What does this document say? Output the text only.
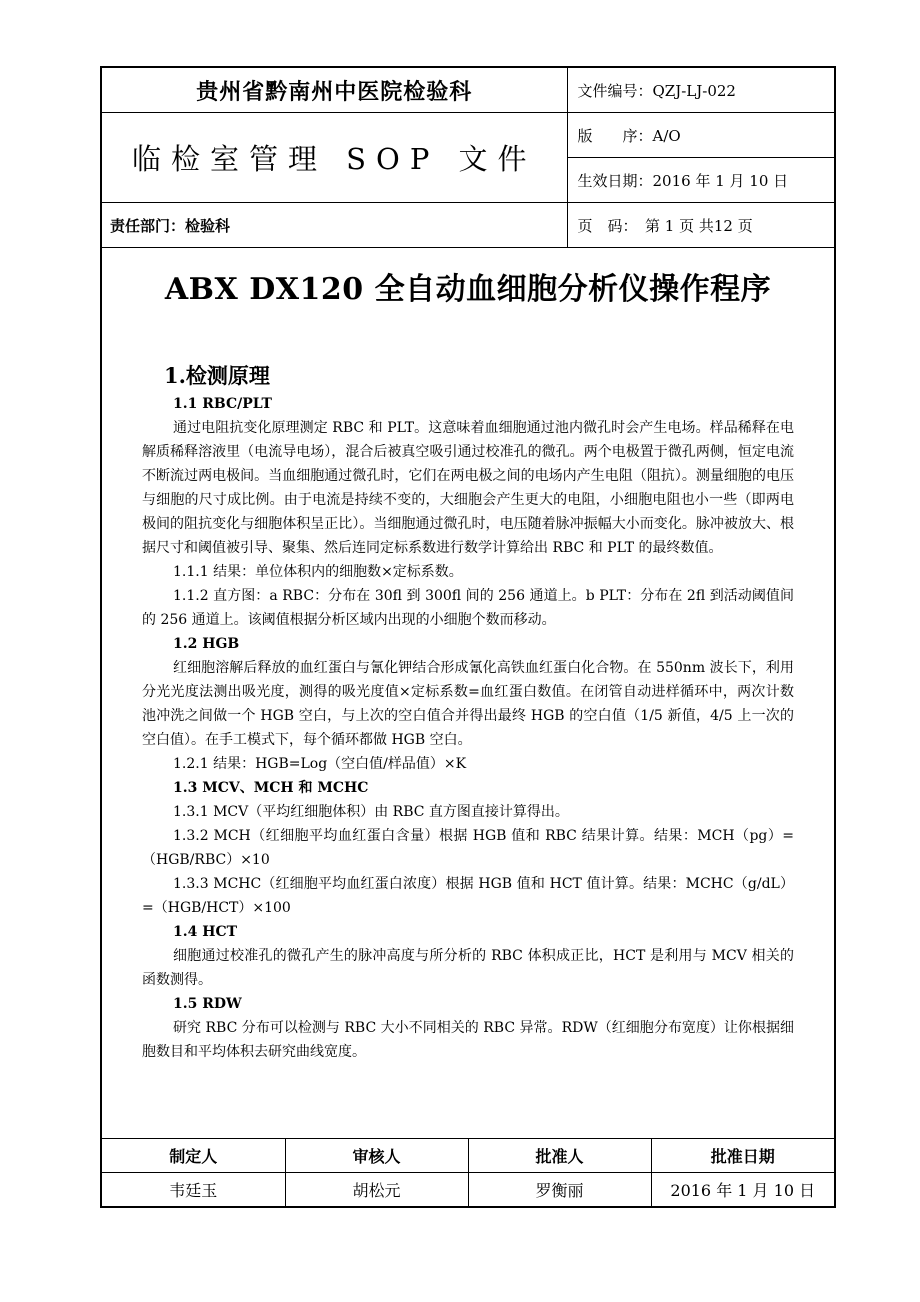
贵州省黔南州中医院检验科	文件编号：QZJ-LJ-022
临检室管理 SOP 文件	版　　序：A/O
	生效日期：2016 年 1 月 10 日
责任部门：检验科	页　码：　第 1 页 共12 页
ABX DX120 全自动血细胞分析仪操作程序
1.检测原理

1.1 RBC/PLT

通过电阻抗变化原理测定 RBC 和 PLT。这意味着血细胞通过池内微孔时会产生电场。样品稀释在电解质稀释溶液里（电流导电场），混合后被真空吸引通过校准孔的微孔。两个电极置于微孔两侧，恒定电流不断流过两电极间。当血细胞通过微孔时，它们在两电极之间的电场内产生电阻（阻抗）。测量细胞的电压与细胞的尺寸成比例。由于电流是持续不变的，大细胞会产生更大的电阻，小细胞电阻也小一些（即两电极间的阻抗变化与细胞体积呈正比）。当细胞通过微孔时，电压随着脉冲振幅大小而变化。脉冲被放大、根据尺寸和阈值被引导、聚集、然后连同定标系数进行数学计算给出 RBC 和 PLT 的最终数值。

1.1.1 结果：单位体积内的细胞数×定标系数。

1.1.2 直方图：a RBC：分布在 30fl 到 300fl 间的 256 通道上。b PLT：分布在 2fl 到活动阈值间的 256 通道上。该阈值根据分析区域内出现的小细胞个数而移动。

1.2 HGB

红细胞溶解后释放的血红蛋白与氰化钾结合形成氰化高铁血红蛋白化合物。在 550nm 波长下，利用分光光度法测出吸光度，测得的吸光度值×定标系数=血红蛋白数值。在闭管自动进样循环中，两次计数池冲洗之间做一个 HGB 空白，与上次的空白值合并得出最终 HGB 的空白值（1/5 新值，4/5 上一次的空白值）。在手工模式下，每个循环都做 HGB 空白。

1.2.1 结果：HGB=Log（空白值/样品值）×K

1.3 MCV、MCH 和 MCHC

1.3.1 MCV（平均红细胞体积）由 RBC 直方图直接计算得出。

1.3.2 MCH（红细胞平均血红蛋白含量）根据 HGB 值和 RBC 结果计算。结果：MCH（pg）=（HGB/RBC）×10

1.3.3 MCHC（红细胞平均血红蛋白浓度）根据 HGB 值和 HCT 值计算。结果：MCHC（g/dL）=（HGB/HCT）×100

1.4 HCT

细胞通过校准孔的微孔产生的脉冲高度与所分析的 RBC 体积成正比，HCT 是利用与 MCV 相关的函数测得。

1.5 RDW

研究 RBC 分布可以检测与 RBC 大小不同相关的 RBC 异常。RDW（红细胞分布宽度）让你根据细胞数目和平均体积去研究曲线宽度。

制定人	审核人	批准人	批准日期
韦廷玉	胡松元	罗衡丽	2016 年 1 月 10 日
